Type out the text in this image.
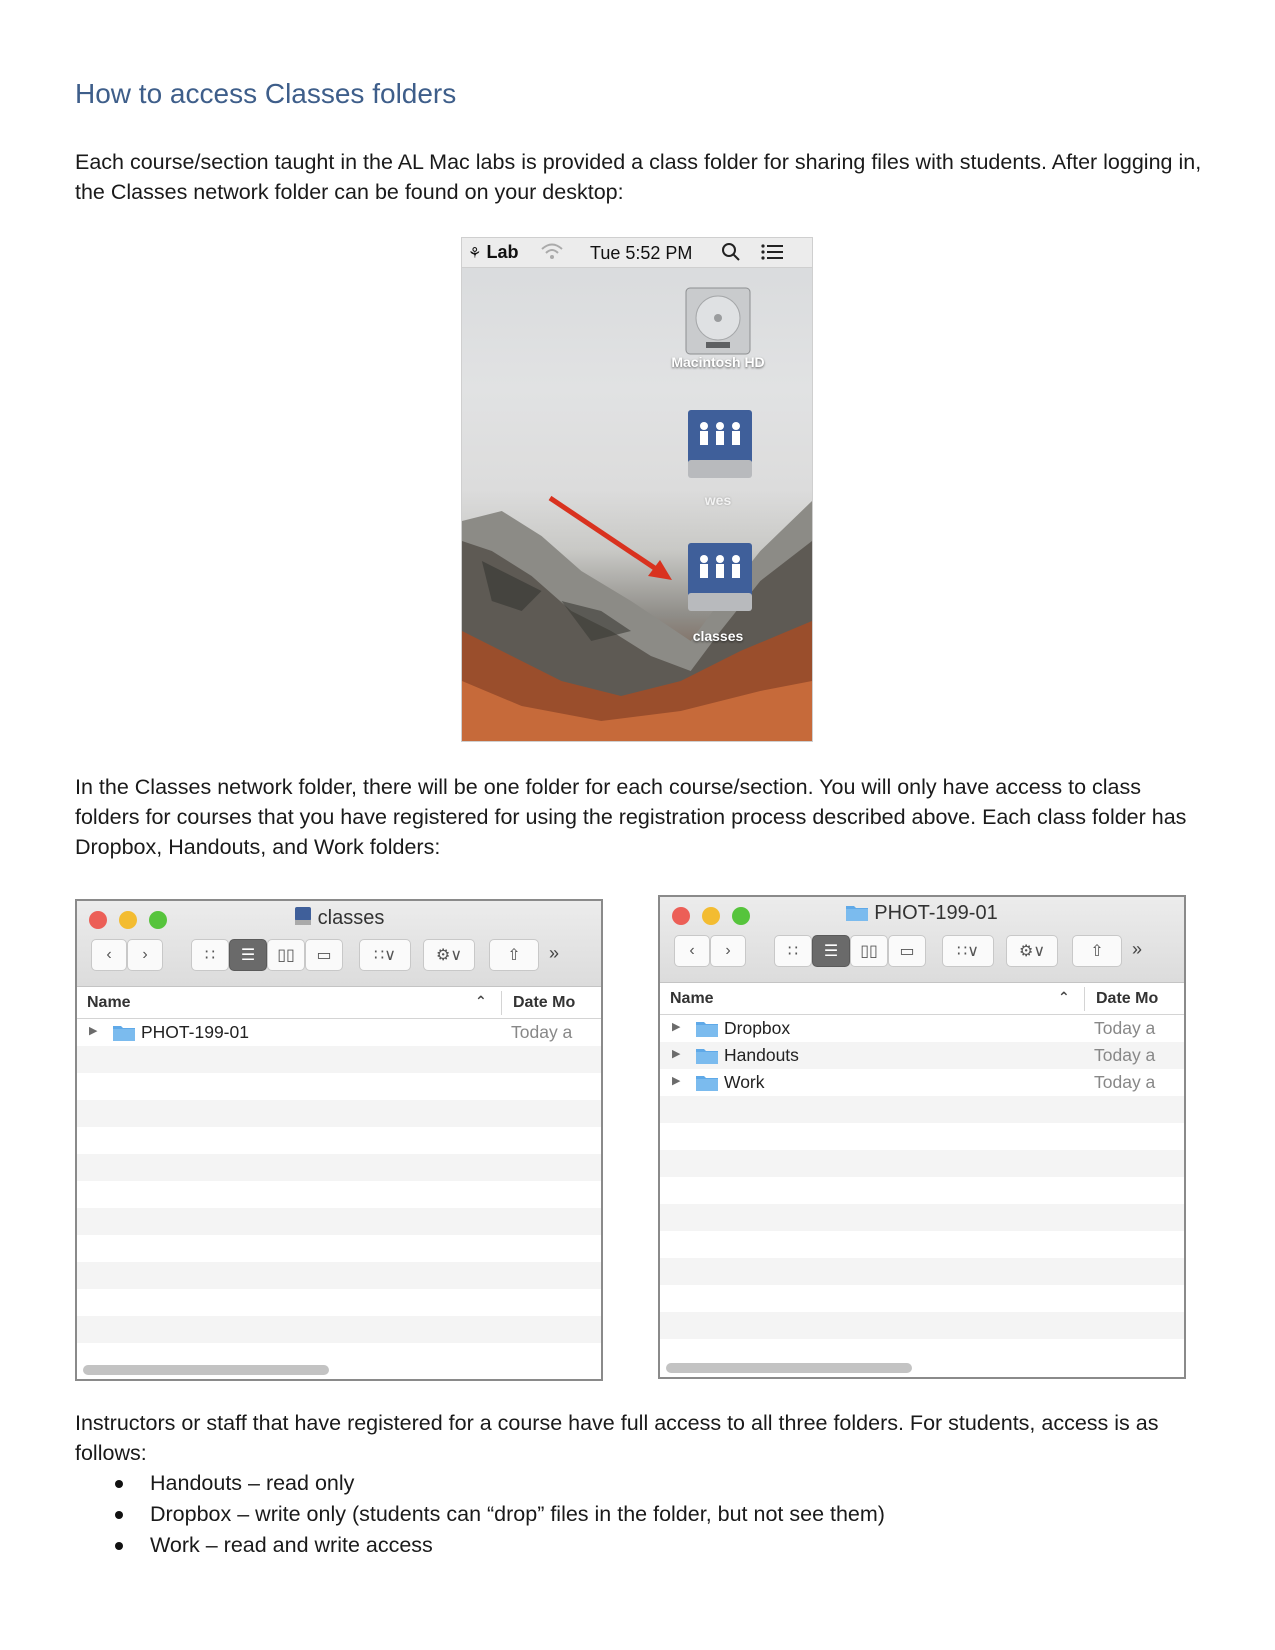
How to access Classes folders

Each course/section taught in the AL Mac labs is provided a class folder for sharing files with students. After logging in, the Classes network folder can be found on your desktop:

⚘ Lab	Tue 5:52 PM
Macintosh HD
wes
classes

In the Classes network folder, there will be one folder for each course/section. You will only have access to class folders for courses that you have registered for using the registration process described above. Each class folder has Dropbox, Handouts, and Work folders:

classes
‹ ›	∷ ☰ ▯▯ ▭	∷∨	⚙∨	⇧ »
Name	⌃ Date Mo
▶ PHOT-199-01	Today a
PHOT-199-01
‹ ›	∷ ☰ ▯▯ ▭	∷∨	⚙∨	⇧ »
Name	⌃ Date Mo
▶ Dropbox	Today a
▶ Handouts	Today a
▶ Work	Today a

Instructors or staff that have registered for a course have full access to all three folders. For students, access is as follows:

Handouts – read only
Dropbox – write only (students can “drop” files in the folder, but not see them)
Work – read and write access
